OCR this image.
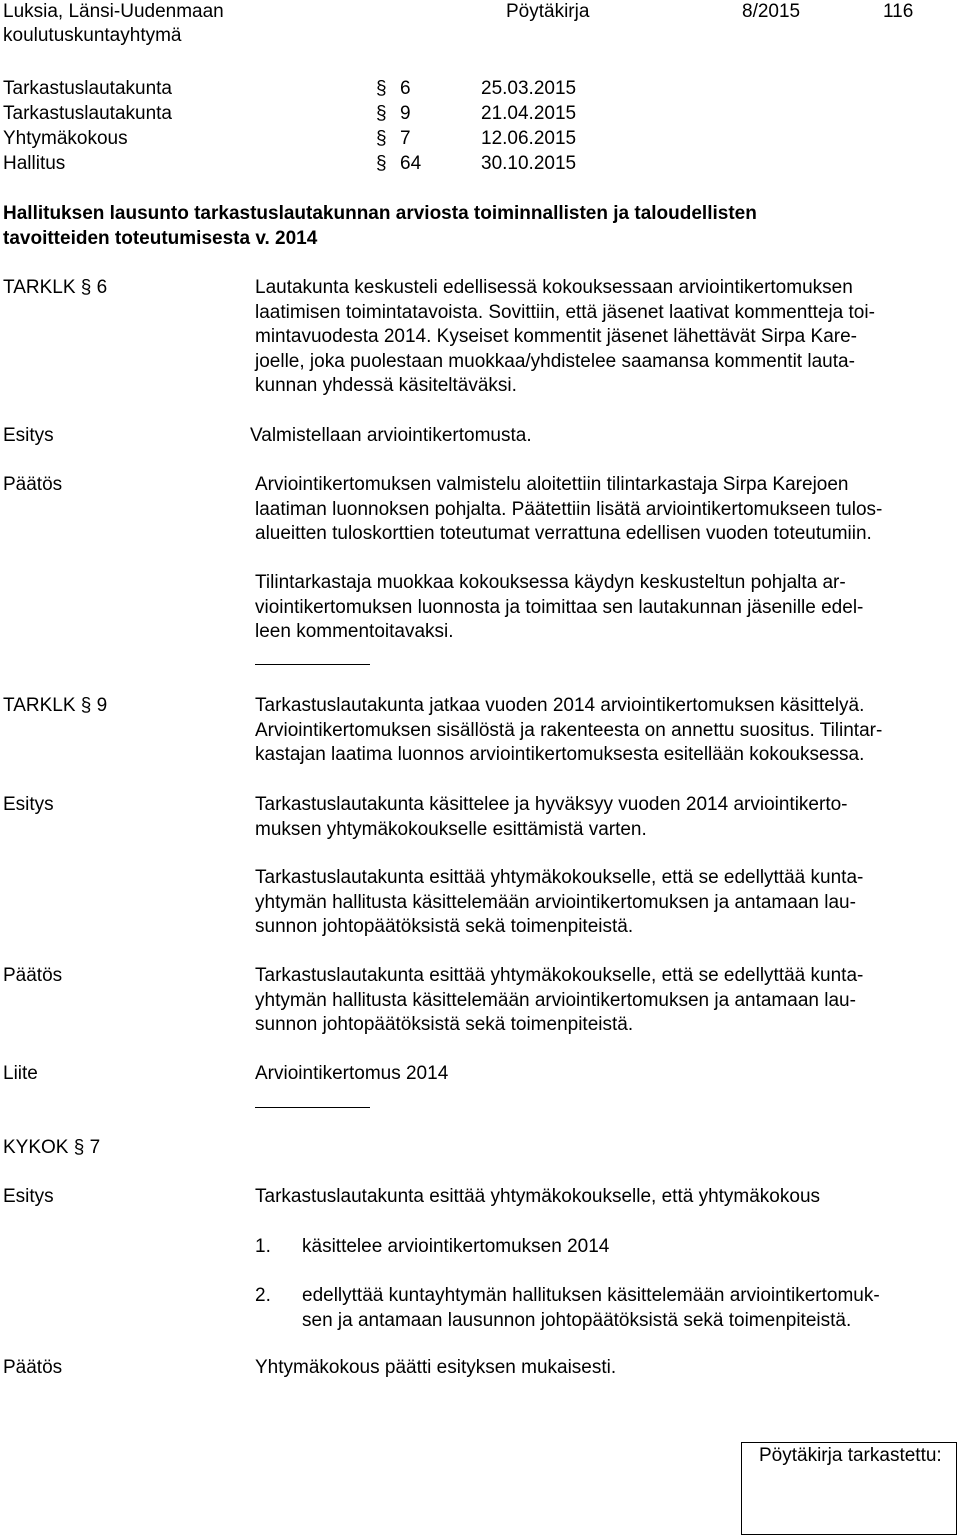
Luksia, Länsi-Uudenmaan
koulutuskuntayhtymä
Pöytäkirja	8/2015	116
Tarkastuslautakunta	§ 6	25.03.2015
Tarkastuslautakunta	§ 9	21.04.2015
Yhtymäkokous	§ 7	12.06.2015
Hallitus	§ 64	30.10.2015
Hallituksen lausunto tarkastuslautakunnan arviosta toiminnallisten ja taloudellisten
tavoitteiden toteutumisesta v. 2014
TARKLK § 6	Lautakunta keskusteli edellisessä kokouksessaan arviointikertomuksen
laatimisen toimintatavoista. Sovittiin, että jäsenet laativat kommentteja toi-
mintavuodesta 2014. Kyseiset kommentit jäsenet lähettävät Sirpa Kare-
joelle, joka puolestaan muokkaa/yhdistelee saamansa kommentit lauta-
kunnan yhdessä käsiteltäväksi.
Esitys	Valmistellaan arviointikertomusta.
Päätös	Arviointikertomuksen valmistelu aloitettiin tilintarkastaja Sirpa Karejoen
laatiman luonnoksen pohjalta. Päätettiin lisätä arviointikertomukseen tulos-
alueitten tuloskorttien toteutumat verrattuna edellisen vuoden toteutumiin.
Tilintarkastaja muokkaa kokouksessa käydyn keskusteltun pohjalta ar-
viointikertomuksen luonnosta ja toimittaa sen lautakunnan jäsenille edel-
leen kommentoitavaksi.
TARKLK § 9	Tarkastuslautakunta jatkaa vuoden 2014 arviointikertomuksen käsittelyä.
Arviointikertomuksen sisällöstä ja rakenteesta on annettu suositus. Tilintar-
kastajan laatima luonnos arviointikertomuksesta esitellään kokouksessa.
Esitys	Tarkastuslautakunta käsittelee ja hyväksyy vuoden 2014 arviointikerto-
muksen yhtymäkokoukselle esittämistä varten.
Tarkastuslautakunta esittää yhtymäkokoukselle, että se edellyttää kunta-
yhtymän hallitusta käsittelemään arviointikertomuksen ja antamaan lau-
sunnon johtopäätöksistä sekä toimenpiteistä.
Päätös	Tarkastuslautakunta esittää yhtymäkokoukselle, että se edellyttää kunta-
yhtymän hallitusta käsittelemään arviointikertomuksen ja antamaan lau-
sunnon johtopäätöksistä sekä toimenpiteistä.
Liite	Arviointikertomus 2014
KYKOK § 7
Esitys	Tarkastuslautakunta esittää yhtymäkokoukselle, että yhtymäkokous
1. käsittelee arviointikertomuksen 2014
2. edellyttää kuntayhtymän hallituksen käsittelemään arviointikertomuk-
sen ja antamaan lausunnon johtopäätöksistä sekä toimenpiteistä.
Päätös	Yhtymäkokous päätti esityksen mukaisesti.
Pöytäkirja tarkastettu:
